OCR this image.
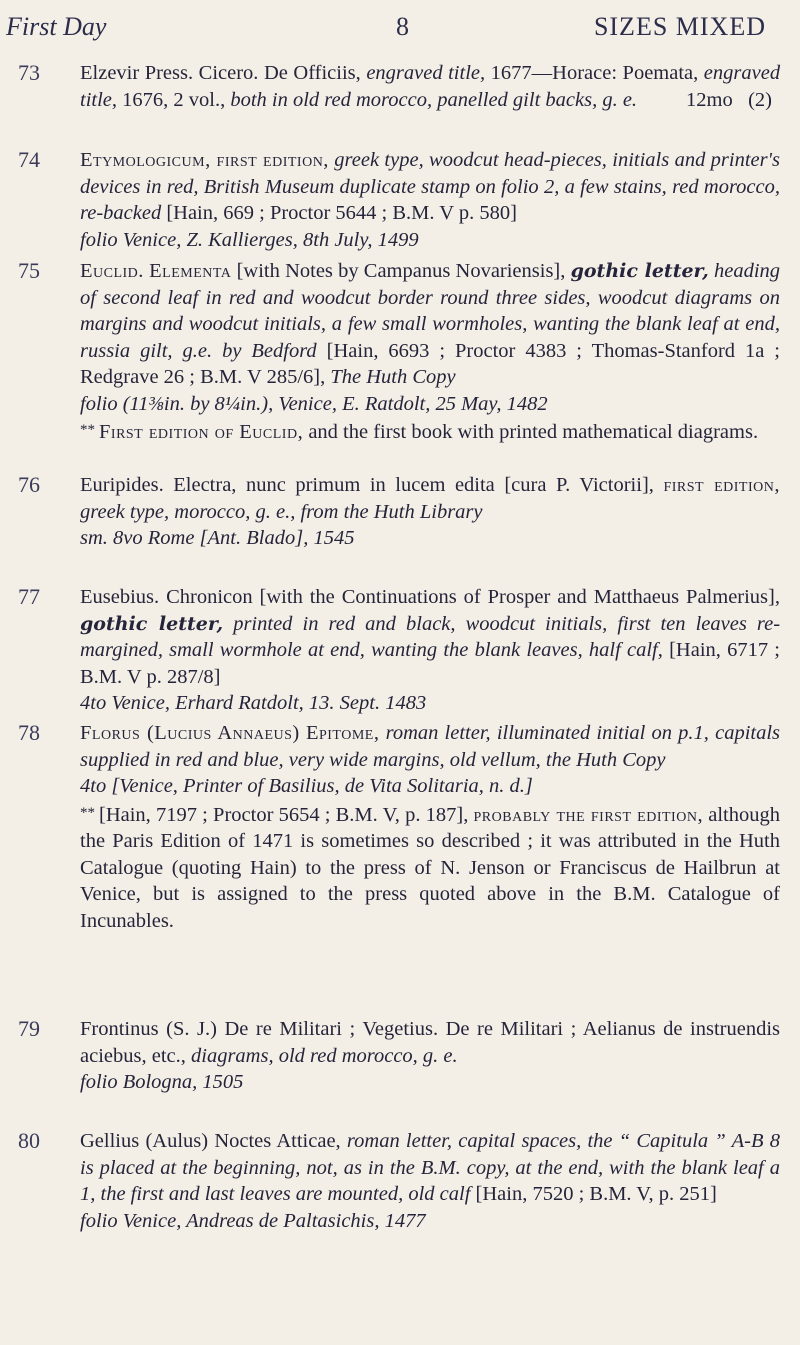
First Day	8	SIZES MIXED
73	Elzevir Press. Cicero. De Officiis, engraved title, 1677—Horace: Poemata, engraved title, 1676, 2 vol., both in old red morocco, panelled gilt backs, g. e. 12mo (2)

74	Etymologicum, first edition, greek type, woodcut head-pieces, initials and printer's devices in red, British Museum duplicate stamp on folio 2, a few stains, red morocco, re-backed [Hain, 669 ; Proctor 5644 ; B.M. V p. 580]

folio Venice, Z. Kallierges, 8th July, 1499

75	Euclid. Elementa [with Notes by Campanus Novariensis], gothic letter, heading of second leaf in red and woodcut border round three sides, woodcut diagrams on margins and woodcut initials, a few small wormholes, wanting the blank leaf at end, russia gilt, g.e. by Bedford [Hain, 6693 ; Proctor 4383 ; Thomas-Stanford 1a ; Redgrave 26 ; B.M. V 285/6], The Huth Copy

folio (11⅜in. by 8¼in.), Venice, E. Ratdolt, 25 May, 1482

** First edition of Euclid, and the first book with printed mathematical diagrams.

76	Euripides. Electra, nunc primum in lucem edita [cura P. Victorii], first edition, greek type, morocco, g. e., from the Huth Library

sm. 8vo Rome [Ant. Blado], 1545

77	Eusebius. Chronicon [with the Continuations of Prosper and Matthaeus Palmerius], gothic letter, printed in red and black, woodcut initials, first ten leaves re-margined, small wormhole at end, wanting the blank leaves, half calf, [Hain, 6717 ; B.M. V p. 287/8]

4to Venice, Erhard Ratdolt, 13. Sept. 1483

78	Florus (Lucius Annaeus) Epitome, roman letter, illuminated initial on p.1, capitals supplied in red and blue, very wide margins, old vellum, the Huth Copy

4to [Venice, Printer of Basilius, de Vita Solitaria, n. d.]

** [Hain, 7197 ; Proctor 5654 ; B.M. V, p. 187], probably the first edition, although the Paris Edition of 1471 is sometimes so described ; it was attributed in the Huth Catalogue (quoting Hain) to the press of N. Jenson or Franciscus de Hailbrun at Venice, but is assigned to the press quoted above in the B.M. Catalogue of Incunables.

79	Frontinus (S. J.) De re Militari ; Vegetius. De re Militari ; Aelianus de instruendis aciebus, etc., diagrams, old red morocco, g. e.

folio Bologna, 1505

80	Gellius (Aulus) Noctes Atticae, roman letter, capital spaces, the “ Capitula ” A-B 8 is placed at the beginning, not, as in the B.M. copy, at the end, with the blank leaf a 1, the first and last leaves are mounted, old calf [Hain, 7520 ; B.M. V, p. 251]

folio Venice, Andreas de Paltasichis, 1477
